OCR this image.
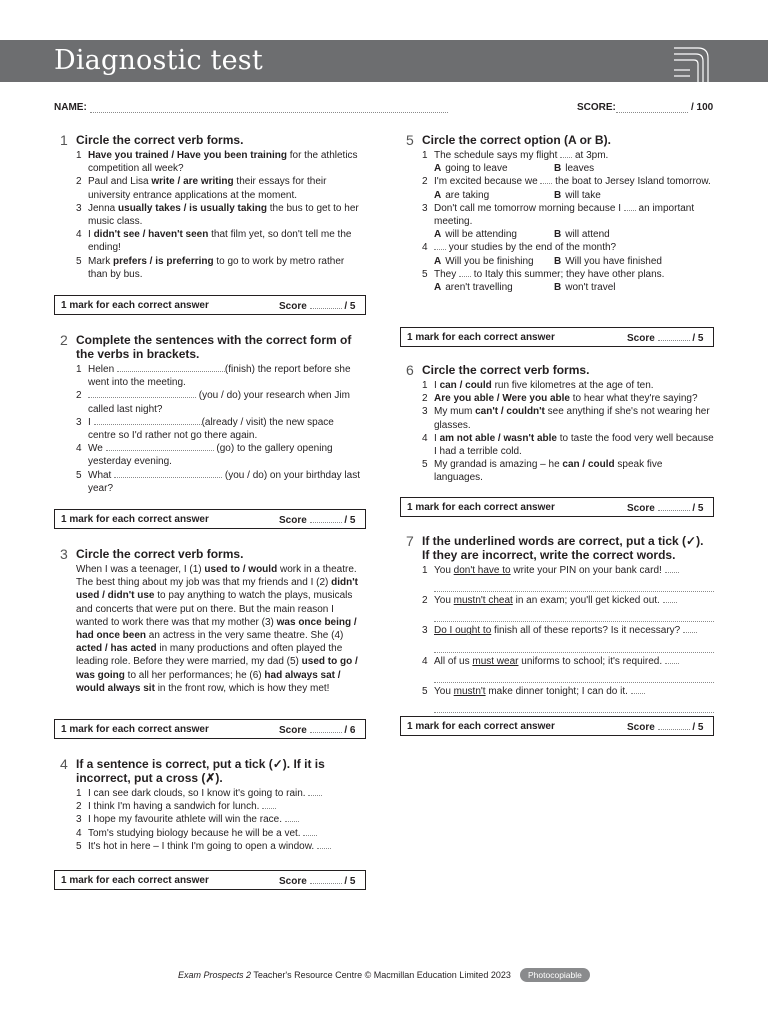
Diagnostic test
NAME:	SCORE:	/ 100
1 Circle the correct verb forms.
1 Have you trained / Have you been training for the athletics competition all week?
2 Paul and Lisa write / are writing their essays for their university entrance applications at the moment.
3 Jenna usually takes / is usually taking the bus to get to her music class.
4 I didn't see / haven't seen that film yet, so don't tell me the ending!
5 Mark prefers / is preferring to go to work by metro rather than by bus.
1 mark for each correct answer	Score	/ 5
2 Complete the sentences with the correct form of the verbs in brackets.
1 Helen	(finish) the report before she went into the meeting.
2	(you / do) your research when Jim called last night?
3 I	(already / visit) the new space centre so I'd rather not go there again.
4 We	(go) to the gallery opening yesterday evening.
5 What	(you / do) on your birthday last year?
1 mark for each correct answer	Score	/ 5
3 Circle the correct verb forms.
When I was a teenager, I (1) used to / would work in a theatre. The best thing about my job was that my friends and I (2) didn't used / didn't use to pay anything to watch the plays, musicals and concerts that were put on there. But the main reason I wanted to work there was that my mother (3) was once being / had once been an actress in the very same theatre. She (4) acted / has acted in many productions and often played the leading role. Before they were married, my dad (5) used to go / was going to all her performances; he (6) had always sat / would always sit in the front row, which is how they met!
1 mark for each correct answer	Score	/ 6
4 If a sentence is correct, put a tick (✓). If it is incorrect, put a cross (✗).
1 I can see dark clouds, so I know it's going to rain.
2 I think I'm having a sandwich for lunch.
3 I hope my favourite athlete will win the race.
4 Tom's studying biology because he will be a vet.
5 It's hot in here – I think I'm going to open a window.
1 mark for each correct answer	Score	/ 5
5 Circle the correct option (A or B).
1 The schedule says my flight  at 3pm.
A going to leave	B leaves
2 I'm excited because we  the boat to Jersey Island tomorrow.
A are taking	B will take
3 Don't call me tomorrow morning because I  an important meeting.
A will be attending	B will attend
4	your studies by the end of the month?
A Will you be finishing	B Will you have finished
5 They  to Italy this summer; they have other plans.
A aren't travelling	B won't travel
1 mark for each correct answer	Score	/ 5
6 Circle the correct verb forms.
1 I can / could run five kilometres at the age of ten.
2 Are you able / Were you able to hear what they're saying?
3 My mum can't / couldn't see anything if she's not wearing her glasses.
4 I am not able / wasn't able to taste the food very well because I had a terrible cold.
5 My grandad is amazing – he can / could speak five languages.
1 mark for each correct answer	Score	/ 5
7 If the underlined words are correct, put a tick (✓). If they are incorrect, write the correct words.
1 You don't have to write your PIN on your bank card!
2 You mustn't cheat in an exam; you'll get kicked out.
3 Do I ought to finish all of these reports? Is it necessary?
4 All of us must wear uniforms to school; it's required.
5 You mustn't make dinner tonight; I can do it.
1 mark for each correct answer	Score	/ 5
Exam Prospects 2 Teacher's Resource Centre © Macmillan Education Limited 2023	Photocopiable
